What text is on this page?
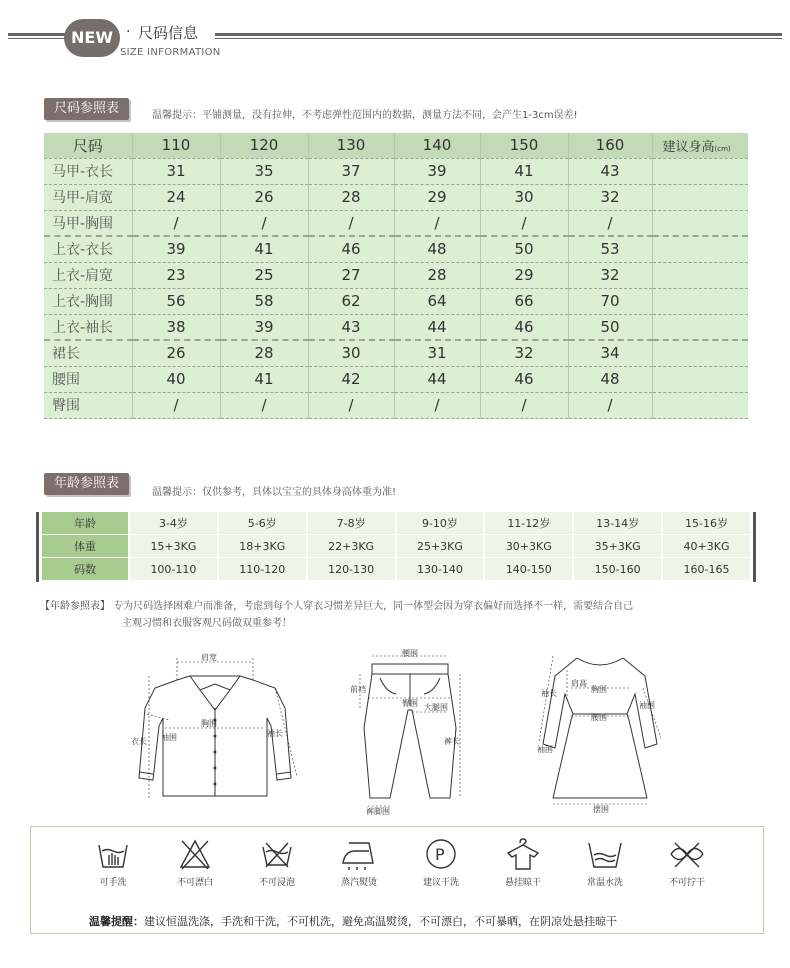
NEW · 尺码信息
SIZE INFORMATION
尺码参照表	温馨提示：平铺测量，没有拉伸，不考虑弹性范围内的数据，测量方法不同，会产生1-3cm误差!
尺码	110	120	130	140	150	160	建议身高(cm)
马甲-衣长	31	35	37	39	41	43	
马甲-肩宽	24	26	28	29	30	32	
马甲-胸围	/	/	/	/	/	/	
上衣-衣长	39	41	46	48	50	53	
上衣-肩宽	23	25	27	28	29	32	
上衣-胸围	56	58	62	64	66	70	
上衣-袖长	38	39	43	44	46	50	
裙长	26	28	30	31	32	34	
腰围	40	41	42	44	46	48	
臀围	/	/	/	/	/	/	
年龄参照表
温馨提示：仅供参考，具体以宝宝的具体身高体重为准!
年龄	3-4岁	5-6岁	7-8岁	9-10岁	11-12岁	13-14岁	15-16岁
体重	15+3KG	18+3KG	22+3KG	25+3KG	30+3KG	35+3KG	40+3KG
码数	100-110	110-120	120-130	130-140	140-150	150-160	160-165
【年龄参照表】 专为尺码选择困难户而准备，考虑到每个人穿衣习惯差异巨大，同一体型会因为穿衣偏好而选择不一样，需要结合自己
主观习惯和衣服客观尺码做双重参考！
肩宽
衣长 袖围
胸围
袖长
腰围
前裆
臀围 大腿围
裤长
裤脚围
袖长	胸围
腰围
袖围
肩高
袖围
摆围
可手洗	不可漂白	不可浸泡	蒸汽熨烫
P
建议干洗	悬挂晾干	常温水洗	不可拧干
温馨提醒：建议恒温洗涤，手洗和干洗，不可机洗，避免高温熨烫，不可漂白，不可暴晒，在阴凉处悬挂晾干
